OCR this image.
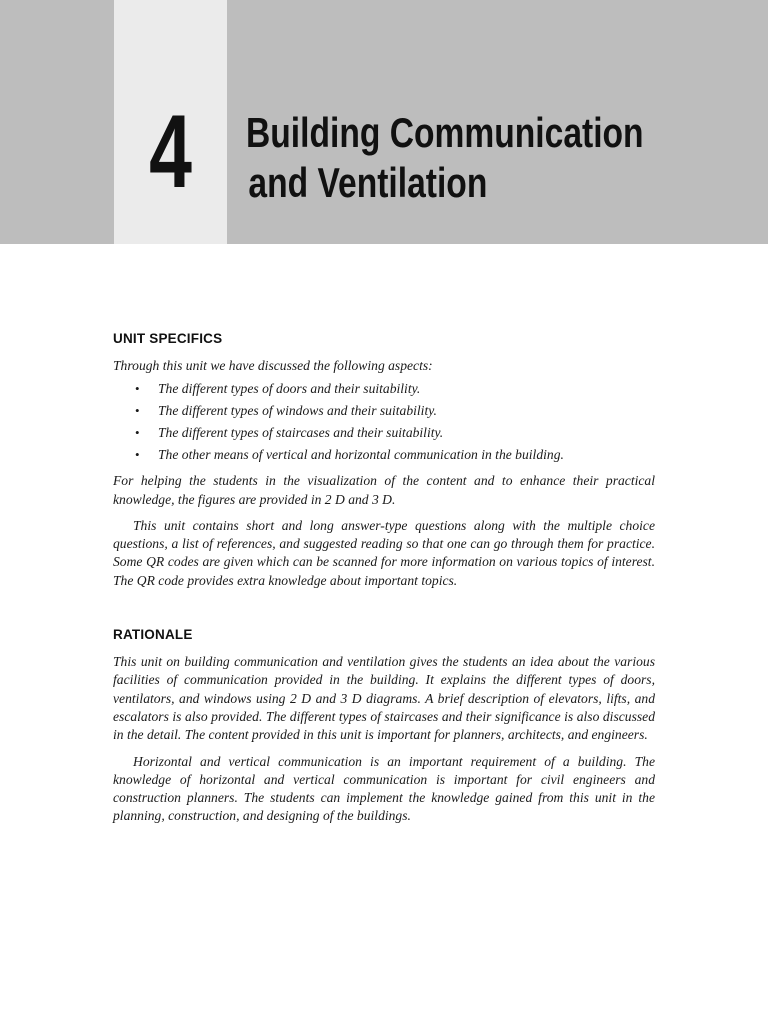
4	Building Communication
and Ventilation
UNIT SPECIFICS

Through this unit we have discussed the following aspects:

• The different types of doors and their suitability.
• The different types of windows and their suitability.
• The different types of staircases and their suitability.
• The other means of vertical and horizontal communication in the building.

For helping the students in the visualization of the content and to enhance their practical knowledge, the figures are provided in 2 D and 3 D.

This unit contains short and long answer-type questions along with the multiple choice questions, a list of references, and suggested reading so that one can go through them for practice. Some QR codes are given which can be scanned for more information on various topics of interest. The QR code provides extra knowledge about important topics.

RATIONALE

This unit on building communication and ventilation gives the students an idea about the various facilities of communication provided in the building. It explains the different types of doors, ventilators, and windows using 2 D and 3 D diagrams. A brief description of elevators, lifts, and escalators is also provided. The different types of staircases and their significance is also discussed in the detail. The content provided in this unit is important for planners, architects, and engineers.

Horizontal and vertical communication is an important requirement of a building. The knowledge of horizontal and vertical communication is important for civil engineers and construction planners. The students can implement the knowledge gained from this unit in the planning, construction, and designing of the buildings.
